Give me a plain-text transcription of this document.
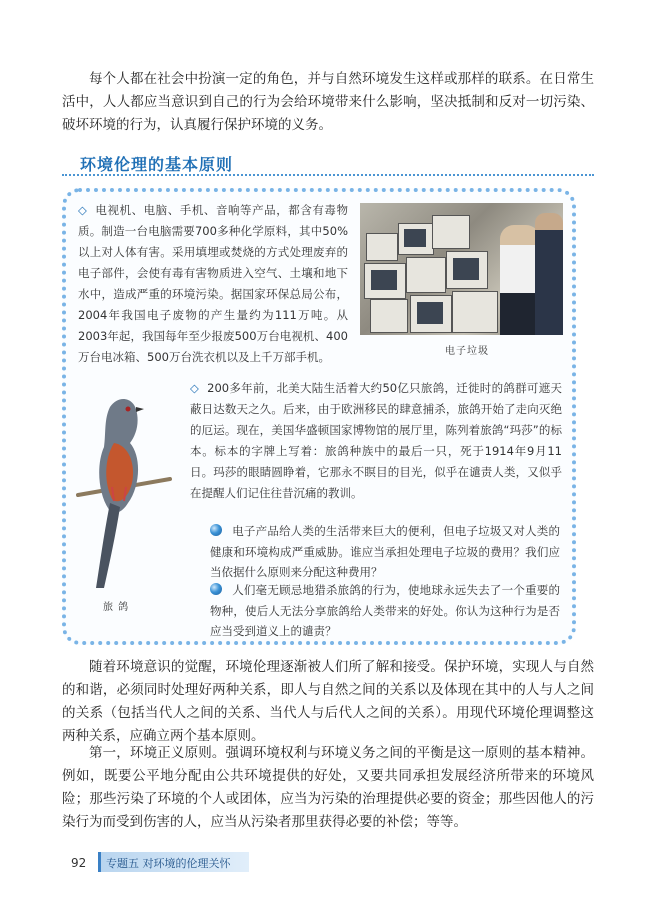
每个人都在社会中扮演一定的角色，并与自然环境发生这样或那样的联系。在日常生活中，人人都应当意识到自己的行为会给环境带来什么影响，坚决抵制和反对一切污染、破坏环境的行为，认真履行保护环境的义务。

环境伦理的基本原则

◇ 电视机、电脑、手机、音响等产品，都含有毒物质。制造一台电脑需要700多种化学原料，其中50%以上对人体有害。采用填埋或焚烧的方式处理废弃的电子部件，会使有毒有害物质进入空气、土壤和地下水中，造成严重的环境污染。据国家环保总局公布，2004年我国电子废物的产生量约为111万吨。从2003年起，我国每年至少报废500万台电视机、400万台电冰箱、500万台洗衣机以及上千万部手机。	电子垃圾
旅 鸽

◇ 200多年前，北美大陆生活着大约50亿只旅鸽，迁徙时的鸽群可遮天蔽日达数天之久。后来，由于欧洲移民的肆意捕杀，旅鸽开始了走向灭绝的厄运。现在，美国华盛顿国家博物馆的展厅里，陈列着旅鸽“玛莎”的标本。标本的字牌上写着：旅鸽种族中的最后一只，死于1914年9月11日。玛莎的眼睛圆睁着，它那永不瞑目的目光，似乎在谴责人类，又似乎在提醒人们记住往昔沉痛的教训。

电子产品给人类的生活带来巨大的便利，但电子垃圾又对人类的健康和环境构成严重威胁。谁应当承担处理电子垃圾的费用？我们应当依据什么原则来分配这种费用？

人们毫无顾忌地猎杀旅鸽的行为，使地球永远失去了一个重要的物种，使后人无法分享旅鸽给人类带来的好处。你认为这种行为是否应当受到道义上的谴责？

随着环境意识的觉醒，环境伦理逐渐被人们所了解和接受。保护环境，实现人与自然的和谐，必须同时处理好两种关系，即人与自然之间的关系以及体现在其中的人与人之间的关系（包括当代人之间的关系、当代人与后代人之间的关系）。用现代环境伦理调整这两种关系，应确立两个基本原则。

第一，环境正义原则。强调环境权利与环境义务之间的平衡是这一原则的基本精神。例如，既要公平地分配由公共环境提供的好处，又要共同承担发展经济所带来的环境风险；那些污染了环境的个人或团体，应当为污染的治理提供必要的资金；那些因他人的污染行为而受到伤害的人，应当从污染者那里获得必要的补偿；等等。

92 专题五 对环境的伦理关怀
